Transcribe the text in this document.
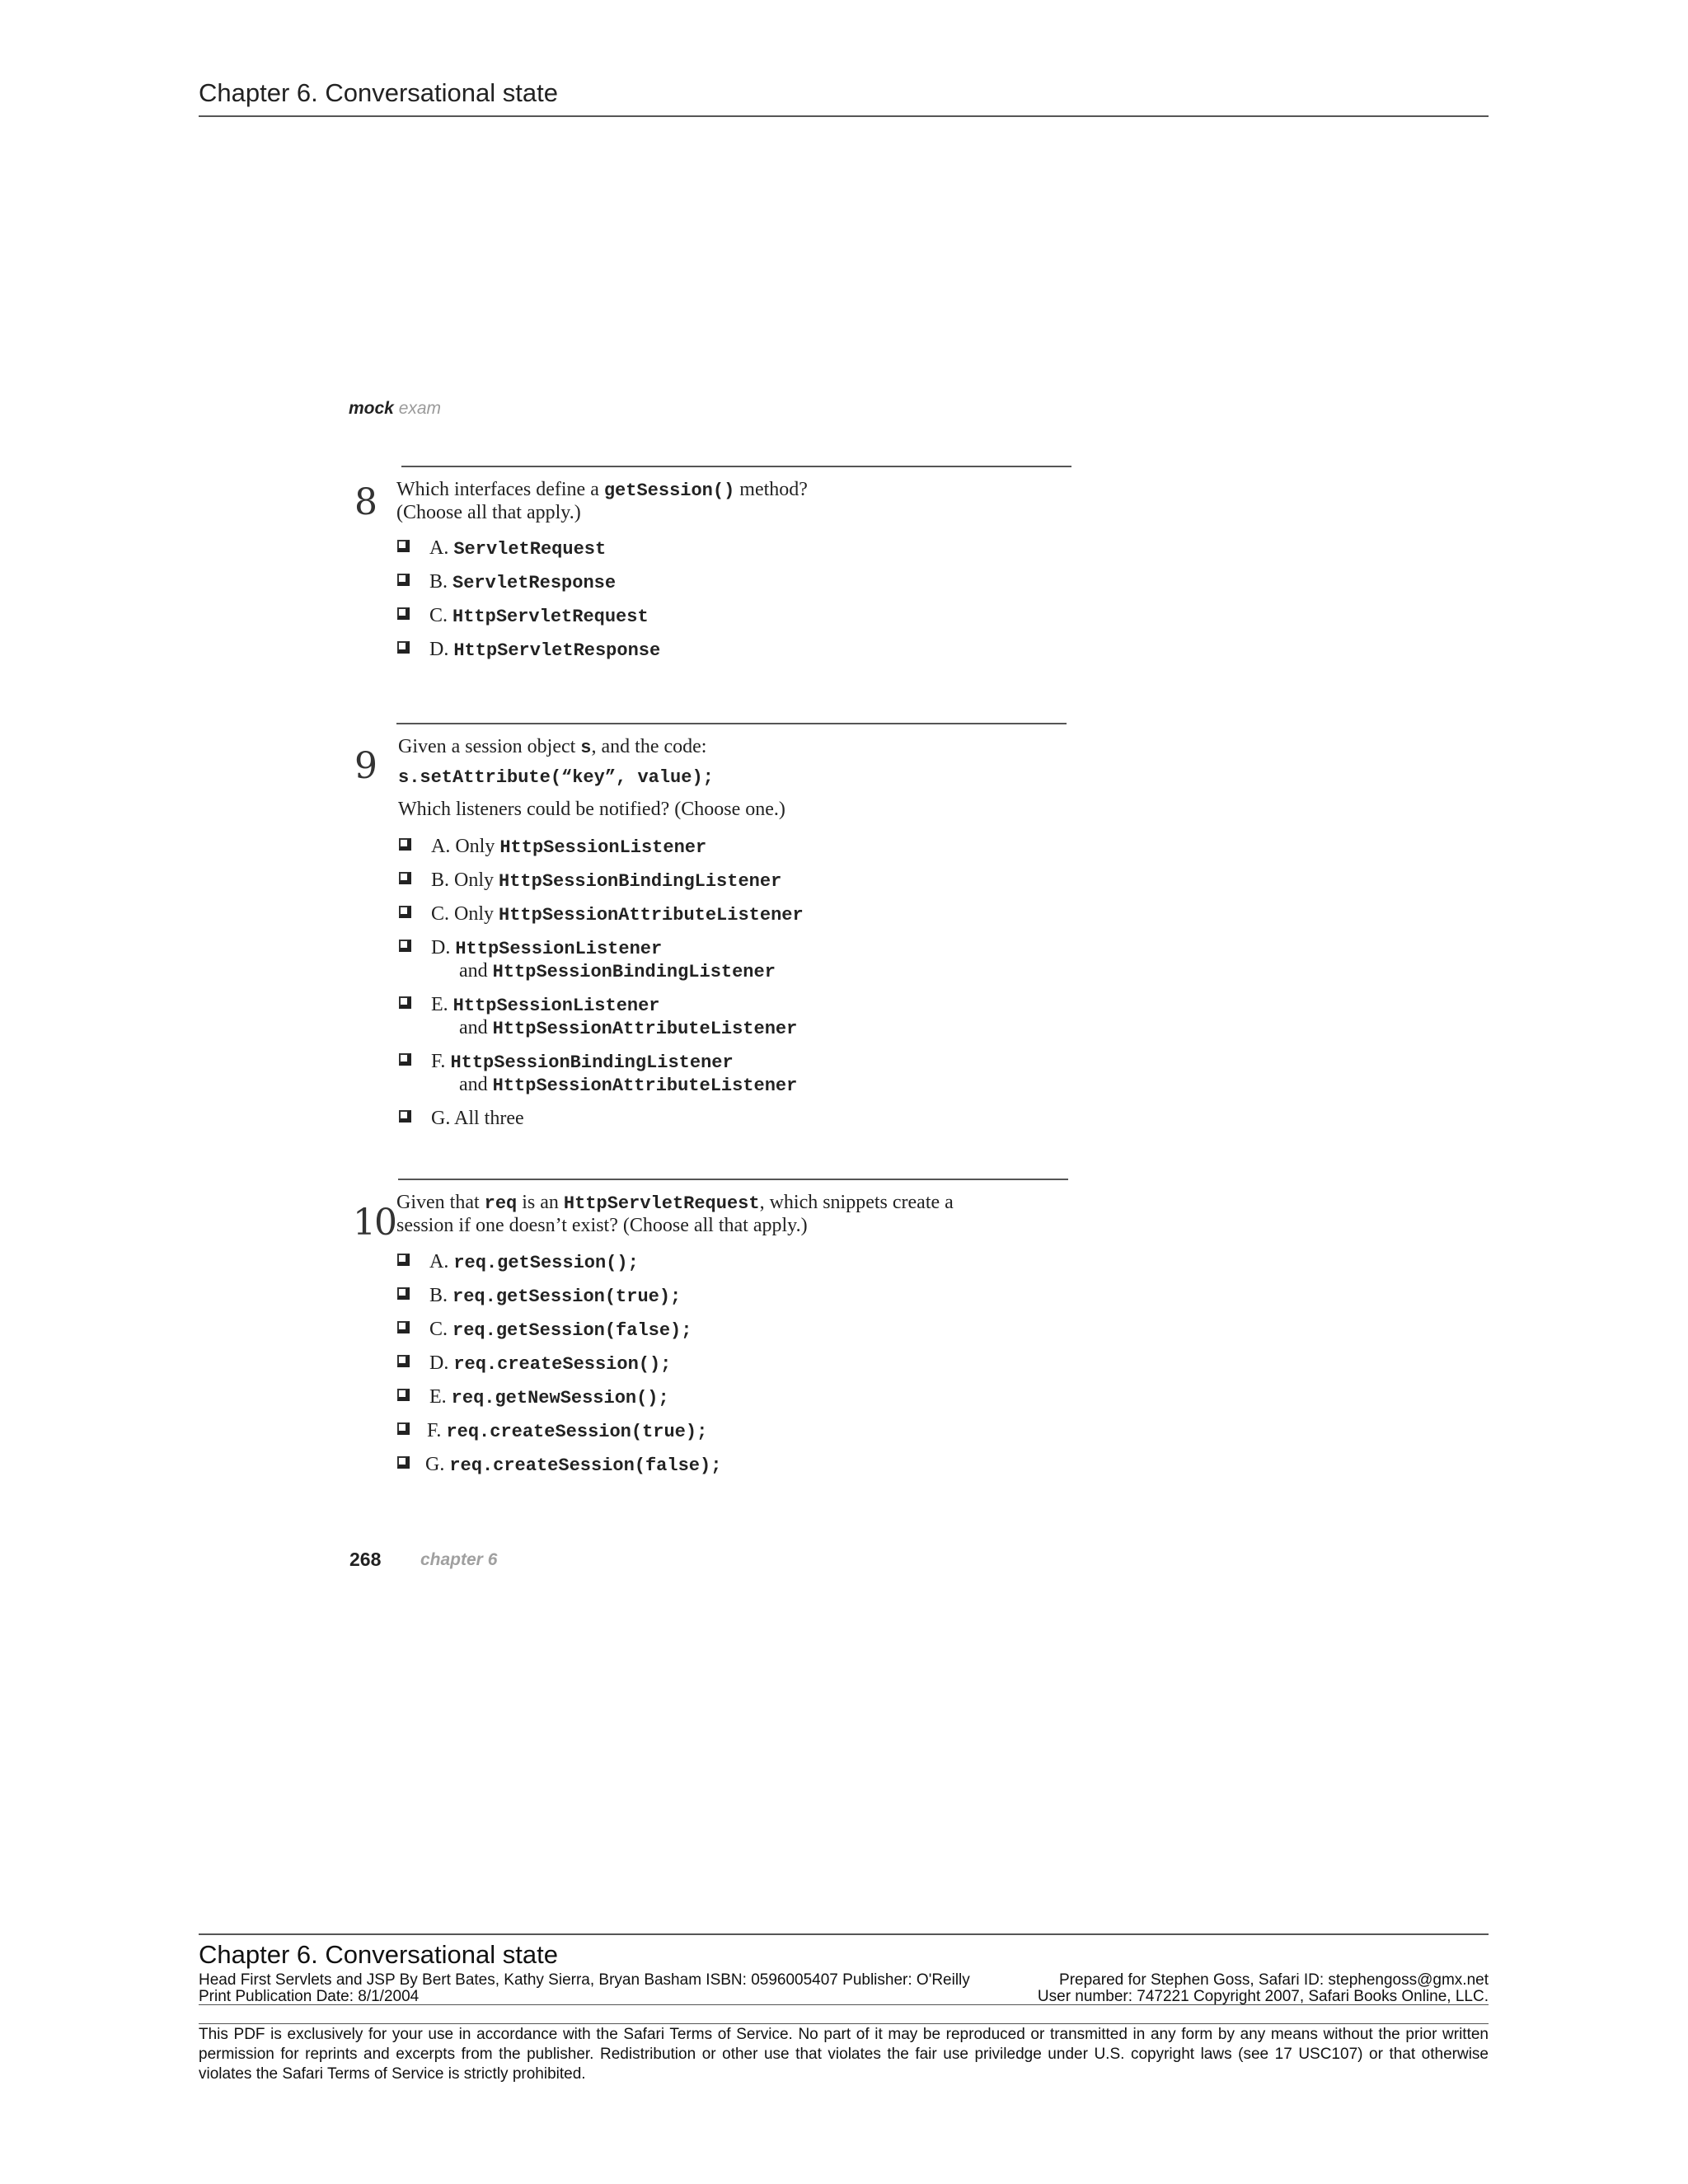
Chapter 6. Conversational state
mock exam
8 Which interfaces define a getSession() method?
(Choose all that apply.)
A. ServletRequest
B. ServletResponse
C. HttpServletRequest
D. HttpServletResponse
9 Given a session object s, and the code:
s.setAttribute(“key”, value);
Which listeners could be notified? (Choose one.)
A. Only HttpSessionListener
B. Only HttpSessionBindingListener
C. Only HttpSessionAttributeListener
D. HttpSessionListener
and HttpSessionBindingListener
E. HttpSessionListener
and HttpSessionAttributeListener
F. HttpSessionBindingListener
and HttpSessionAttributeListener
G. All three
10 Given that req is an HttpServletRequest, which snippets create a
session if one doesn’t exist? (Choose all that apply.)
A. req.getSession();
B. req.getSession(true);
C. req.getSession(false);
D. req.createSession();
E. req.getNewSession();
F. req.createSession(true);
G. req.createSession(false);
268 chapter 6
Chapter 6. Conversational state
Head First Servlets and JSP By Bert Bates, Kathy Sierra, Bryan Basham ISBN: 0596005407 Publisher: O'Reilly	Prepared for Stephen Goss, Safari ID: stephengoss@gmx.net
Print Publication Date: 8/1/2004	User number: 747221 Copyright 2007, Safari Books Online, LLC.
This PDF is exclusively for your use in accordance with the Safari Terms of Service. No part of it may be reproduced or transmitted in any form by any means without the prior written permission for reprints and excerpts from the publisher. Redistribution or other use that violates the fair use priviledge under U.S. copyright laws (see 17 USC107) or that otherwise violates the Safari Terms of Service is strictly prohibited.
